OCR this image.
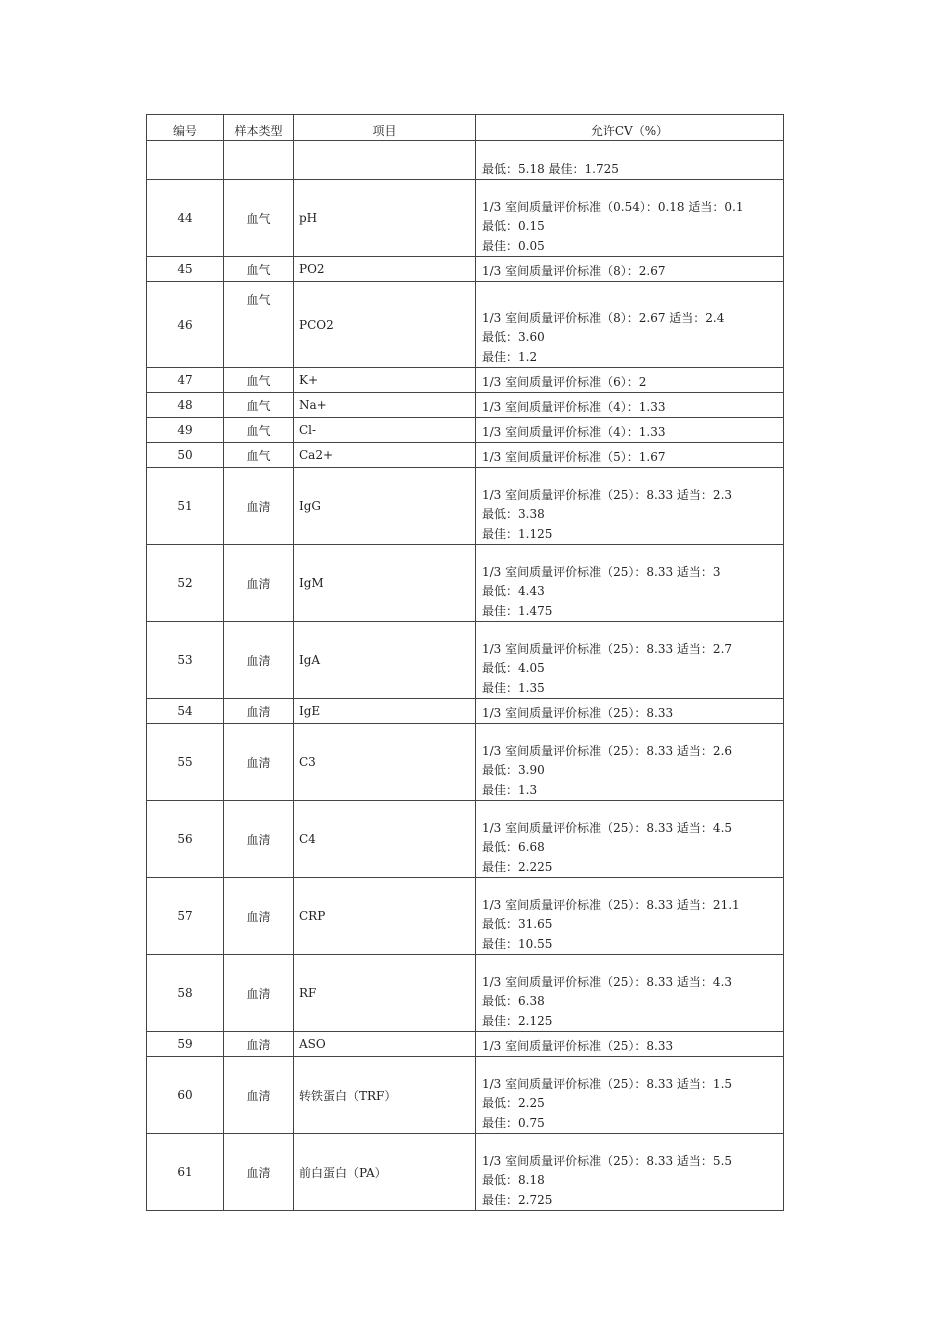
编号	样本类型	项目	允许CV（%）

			最低：5.18 最佳：1.725

44	血气	pH	1/3 室间质量评价标准（0.54）：0.18 适当：0.1
最低：0.15
最佳：0.05

45	血气	PO2	1/3 室间质量评价标准（8）：2.67

46	血气	PCO2	1/3 室间质量评价标准（8）：2.67 适当：2.4
最低：3.60
最佳：1.2

47	血气	K+	1/3 室间质量评价标准（6）：2

48	血气	Na+	1/3 室间质量评价标准（4）：1.33

49	血气	Cl-	1/3 室间质量评价标准（4）：1.33

50	血气	Ca2+	1/3 室间质量评价标准（5）：1.67

51	血清	IgG	1/3 室间质量评价标准（25）：8.33 适当：2.3
最低：3.38
最佳：1.125

52	血清	IgM	1/3 室间质量评价标准（25）：8.33 适当：3
最低：4.43
最佳：1.475

53	血清	IgA	1/3 室间质量评价标准（25）：8.33 适当：2.7
最低：4.05
最佳：1.35

54	血清	IgE	1/3 室间质量评价标准（25）：8.33

55	血清	C3	1/3 室间质量评价标准（25）：8.33 适当：2.6
最低：3.90
最佳：1.3

56	血清	C4	1/3 室间质量评价标准（25）：8.33 适当：4.5
最低：6.68
最佳：2.225

57	血清	CRP	1/3 室间质量评价标准（25）：8.33 适当：21.1
最低：31.65
最佳：10.55

58	血清	RF	1/3 室间质量评价标准（25）：8.33 适当：4.3
最低：6.38
最佳：2.125

59	血清	ASO	1/3 室间质量评价标准（25）：8.33

60	血清	转铁蛋白（TRF）	1/3 室间质量评价标准（25）：8.33 适当：1.5
最低：2.25
最佳：0.75

61	血清	前白蛋白（PA）	1/3 室间质量评价标准（25）：8.33 适当：5.5
最低：8.18
最佳：2.725
